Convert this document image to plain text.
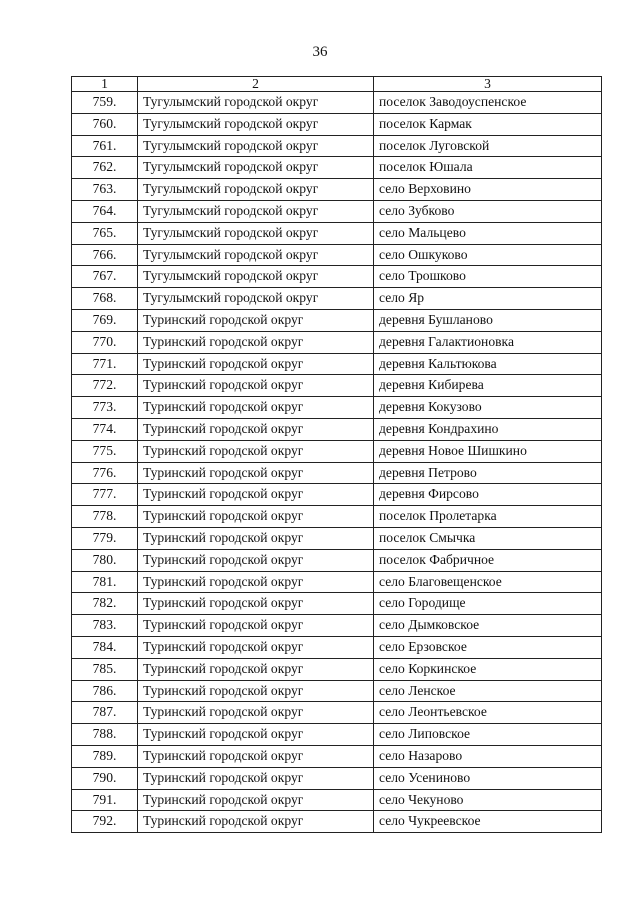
36
1	2	3
759.	Тугулымский городской округ	поселок Заводоуспенское
760.	Тугулымский городской округ	поселок Кармак
761.	Тугулымский городской округ	поселок Луговской
762.	Тугулымский городской округ	поселок Юшала
763.	Тугулымский городской округ	село Верховино
764.	Тугулымский городской округ	село Зубково
765.	Тугулымский городской округ	село Мальцево
766.	Тугулымский городской округ	село Ошкуково
767.	Тугулымский городской округ	село Трошково
768.	Тугулымский городской округ	село Яр
769.	Туринский городской округ	деревня Бушланово
770.	Туринский городской округ	деревня Галактионовка
771.	Туринский городской округ	деревня Кальтюкова
772.	Туринский городской округ	деревня Кибирева
773.	Туринский городской округ	деревня Кокузово
774.	Туринский городской округ	деревня Кондрахино
775.	Туринский городской округ	деревня Новое Шишкино
776.	Туринский городской округ	деревня Петрово
777.	Туринский городской округ	деревня Фирсово
778.	Туринский городской округ	поселок Пролетарка
779.	Туринский городской округ	поселок Смычка
780.	Туринский городской округ	поселок Фабричное
781.	Туринский городской округ	село Благовещенское
782.	Туринский городской округ	село Городище
783.	Туринский городской округ	село Дымковское
784.	Туринский городской округ	село Ерзовское
785.	Туринский городской округ	село Коркинское
786.	Туринский городской округ	село Ленское
787.	Туринский городской округ	село Леонтьевское
788.	Туринский городской округ	село Липовское
789.	Туринский городской округ	село Назарово
790.	Туринский городской округ	село Усениново
791.	Туринский городской округ	село Чекуново
792.	Туринский городской округ	село Чукреевское
